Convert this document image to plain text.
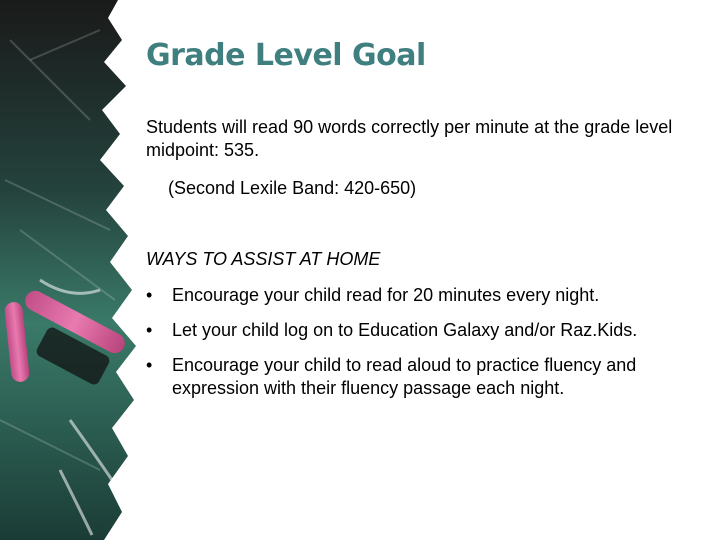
Grade Level Goal

Students will read 90 words correctly per minute at the grade level midpoint: 535.

(Second Lexile Band: 420-650)

WAYS TO ASSIST AT HOME

• Encourage your child read for 20 minutes every night.
• Let your child log on to Education Galaxy and/or Raz.Kids.
• Encourage your child to read aloud to practice fluency and expression with their fluency passage each night.
